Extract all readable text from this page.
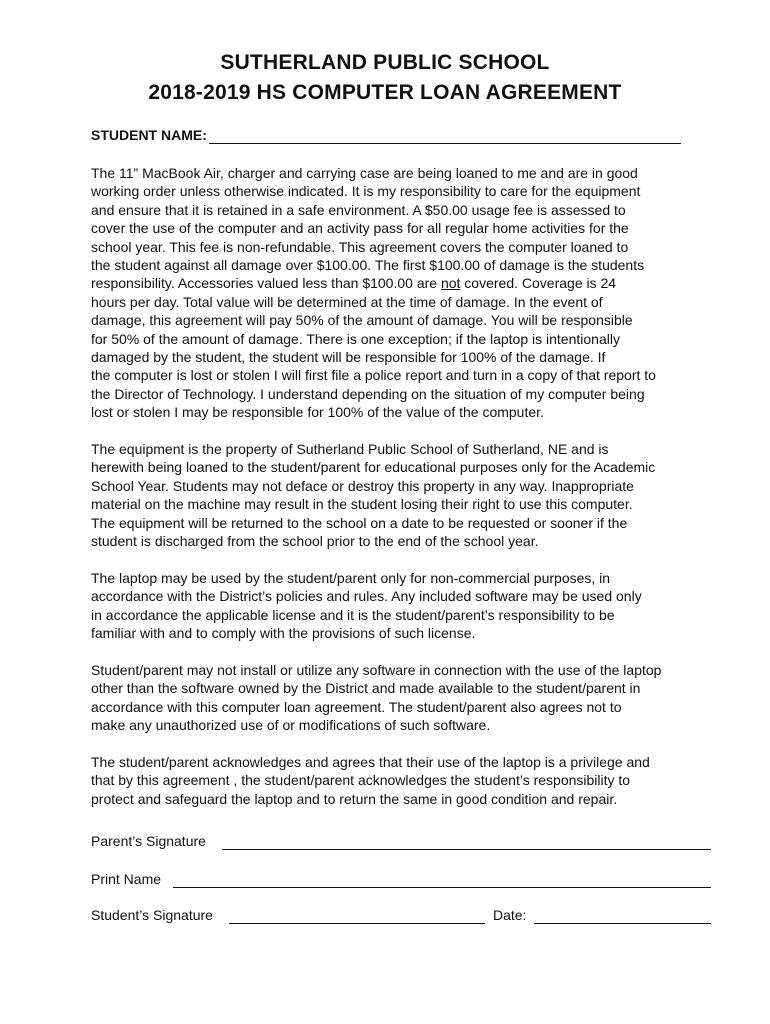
SUTHERLAND PUBLIC SCHOOL
2018-2019 HS COMPUTER LOAN AGREEMENT
STUDENT NAME:

The 11” MacBook Air, charger and carrying case are being loaned to me and are in good
working order unless otherwise indicated. It is my responsibility to care for the equipment
and ensure that it is retained in a safe environment. A $50.00 usage fee is assessed to
cover the use of the computer and an activity pass for all regular home activities for the
school year. This fee is non-refundable. This agreement covers the computer loaned to
the student against all damage over $100.00. The first $100.00 of damage is the students
responsibility. Accessories valued less than $100.00 are not covered. Coverage is 24
hours per day. Total value will be determined at the time of damage. In the event of
damage, this agreement will pay 50% of the amount of damage. You will be responsible
for 50% of the amount of damage. There is one exception; if the laptop is intentionally
damaged by the student, the student will be responsible for 100% of the damage. If
the computer is lost or stolen I will first file a police report and turn in a copy of that report to
the Director of Technology. I understand depending on the situation of my computer being
lost or stolen I may be responsible for 100% of the value of the computer.

The equipment is the property of Sutherland Public School of Sutherland, NE and is
herewith being loaned to the student/parent for educational purposes only for the Academic
School Year. Students may not deface or destroy this property in any way. Inappropriate
material on the machine may result in the student losing their right to use this computer.
The equipment will be returned to the school on a date to be requested or sooner if the
student is discharged from the school prior to the end of the school year.

The laptop may be used by the student/parent only for non-commercial purposes, in
accordance with the District’s policies and rules. Any included software may be used only
in accordance the applicable license and it is the student/parent’s responsibility to be
familiar with and to comply with the provisions of such license.

Student/parent may not install or utilize any software in connection with the use of the laptop
other than the software owned by the District and made available to the student/parent in
accordance with this computer loan agreement. The student/parent also agrees not to
make any unauthorized use of or modifications of such software.

The student/parent acknowledges and agrees that their use of the laptop is a privilege and
that by this agreement , the student/parent acknowledges the student’s responsibility to
protect and safeguard the laptop and to return the same in good condition and repair.

Parent’s Signature
Print Name
Student’s Signature	Date:
